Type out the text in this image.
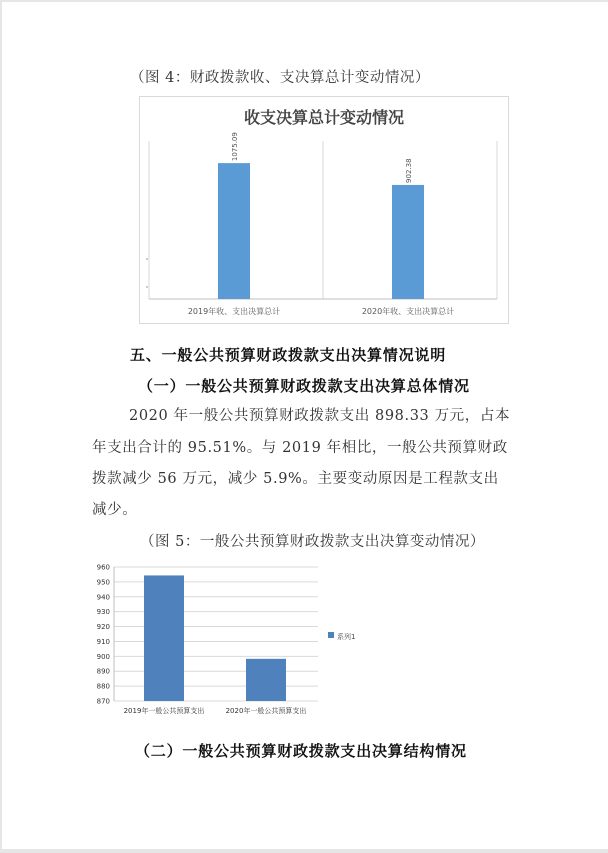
（图 4：财政拨款收、支决算总计变动情况）
收支决算总计变动情况
1075.09
2019年收、支出决算总计
902.38
2020年收、支出决算总计
五、一般公共预算财政拨款支出决算情况说明
（一）一般公共预算财政拨款支出决算总体情况
2020 年一般公共预算财政拨款支出 898.33 万元，占本
年支出合计的 95.51%。与 2019 年相比，一般公共预算财政
拨款减少 56 万元，减少 5.9%。主要变动原因是工程款支出
减少。
（图 5：一般公共预算财政拨款支出决算变动情况）
870
880
890
900
910
920
930
940
950
960
2019年一般公共预算支出	2020年一般公共预算支出
系列1
（二）一般公共预算财政拨款支出决算结构情况
